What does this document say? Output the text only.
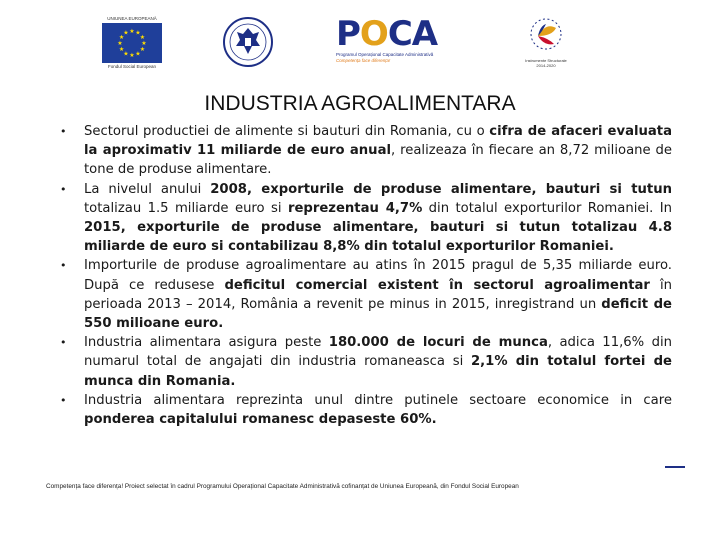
UNIUNEA EUROPEANĂ
★ ★
★
★
★
★
★
★
★
★
★
★
Fondul Social European
POCA
Programul Operațional Capacitate Administrativă
Competența face diferența!	Instrumente Structurale
2014-2020
INDUSTRIA AGROALIMENTARA
• Sectorul productiei de alimente si bauturi din Romania, cu o cifra de afaceri evaluata la aproximativ 11 miliarde de euro anual, realizeaza în fiecare an 8,72 milioane de tone de produse alimentare.
• La nivelul anului 2008, exporturile de produse alimentare, bauturi si tutun totalizau 1.5 miliarde euro si reprezentau 4,7% din totalul exporturilor Romaniei. In 2015, exporturile de produse alimentare, bauturi si tutun totalizau 4.8 miliarde de euro si contabilizau 8,8% din totalul exporturilor Romaniei.
• Importurile de produse agroalimentare au atins în 2015 pragul de 5,35 miliarde euro. După ce redusese deficitul comercial existent în sectorul agroalimentar în perioada 2013 – 2014, România a revenit pe minus in 2015, inregistrand un deficit de 550 milioane euro.
• Industria alimentara asigura peste 180.000 de locuri de munca, adica 11,6% din numarul total de angajati din industria romaneasca si 2,1% din totalul fortei de munca din Romania.
• Industria alimentara reprezinta unul dintre putinele sectoare economice in care ponderea capitalului romanesc depaseste 60%.
Competența face diferența! Proiect selectat în cadrul Programului Operațional Capacitate Administrativă cofinanțat de Uniunea Europeană, din Fondul Social European
